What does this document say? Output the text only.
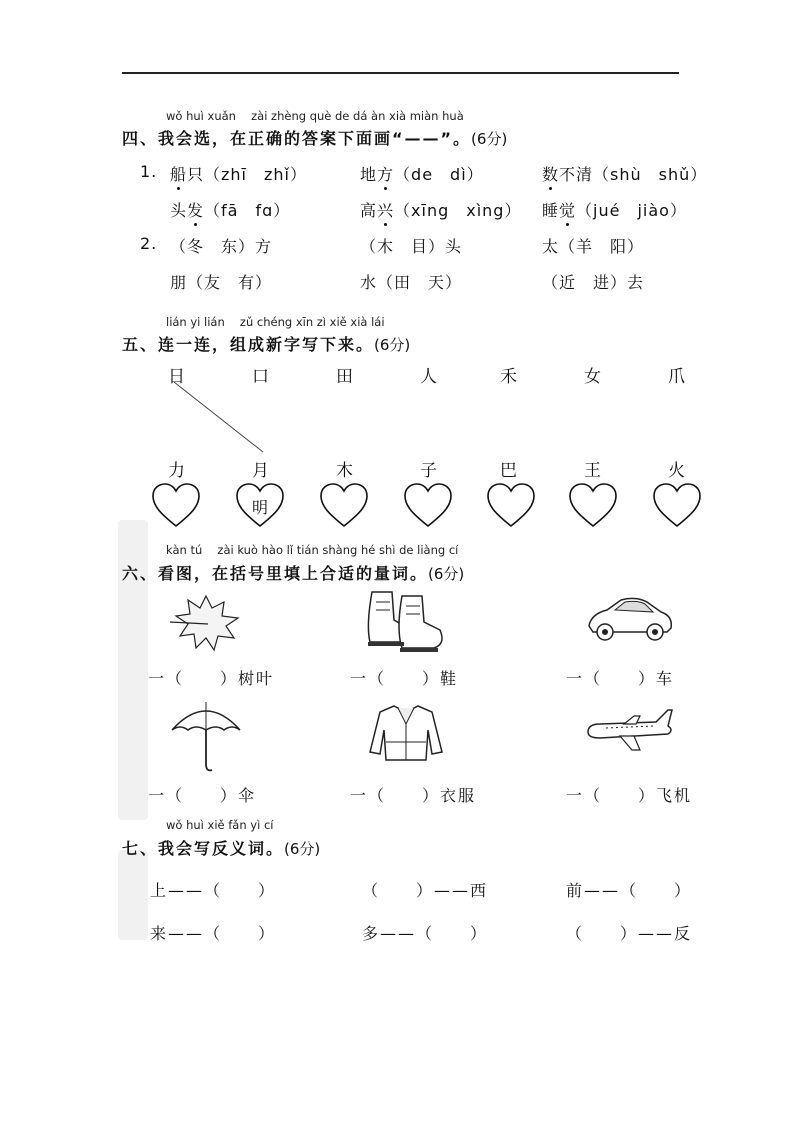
wǒ huì xuǎn　 zài zhèng què de dá àn xià miàn huà
四、我会选，在正确的答案下面画“——”。(6分)
1. 船只（zhī　zhǐ）	地方（de　dì）	数不清（shù　shǔ）
头发（fā　fɑ）	高兴（xīng　xìng） 睡觉（jué　jiào）
2. （冬　东）方	（木　目）头	太（羊　阳）
朋（友　有）	水（田　天）	（近　进）去
lián yi lián　 zǔ chéng xīn zì xiě xià lái
五、连一连，组成新字写下来。(6分)
日	口	田	人	禾	女	爪
力	月	木	子	巴	王	火
明
kàn tú　 zài kuò hào lǐ tián shàng hé shì de liàng cí
六、看图，在括号里填上合适的量词。(6分)
一（　　）树叶	一（　　）鞋	一（　　）车
一（　　）伞	一（　　）衣服	一（　　）飞机
wǒ huì xiě fǎn yì cí
七、我会写反义词。(6分)
上——（　　）	（　　）——西	前——（　　）
来——（　　）	多——（　　）	（　　）——反
